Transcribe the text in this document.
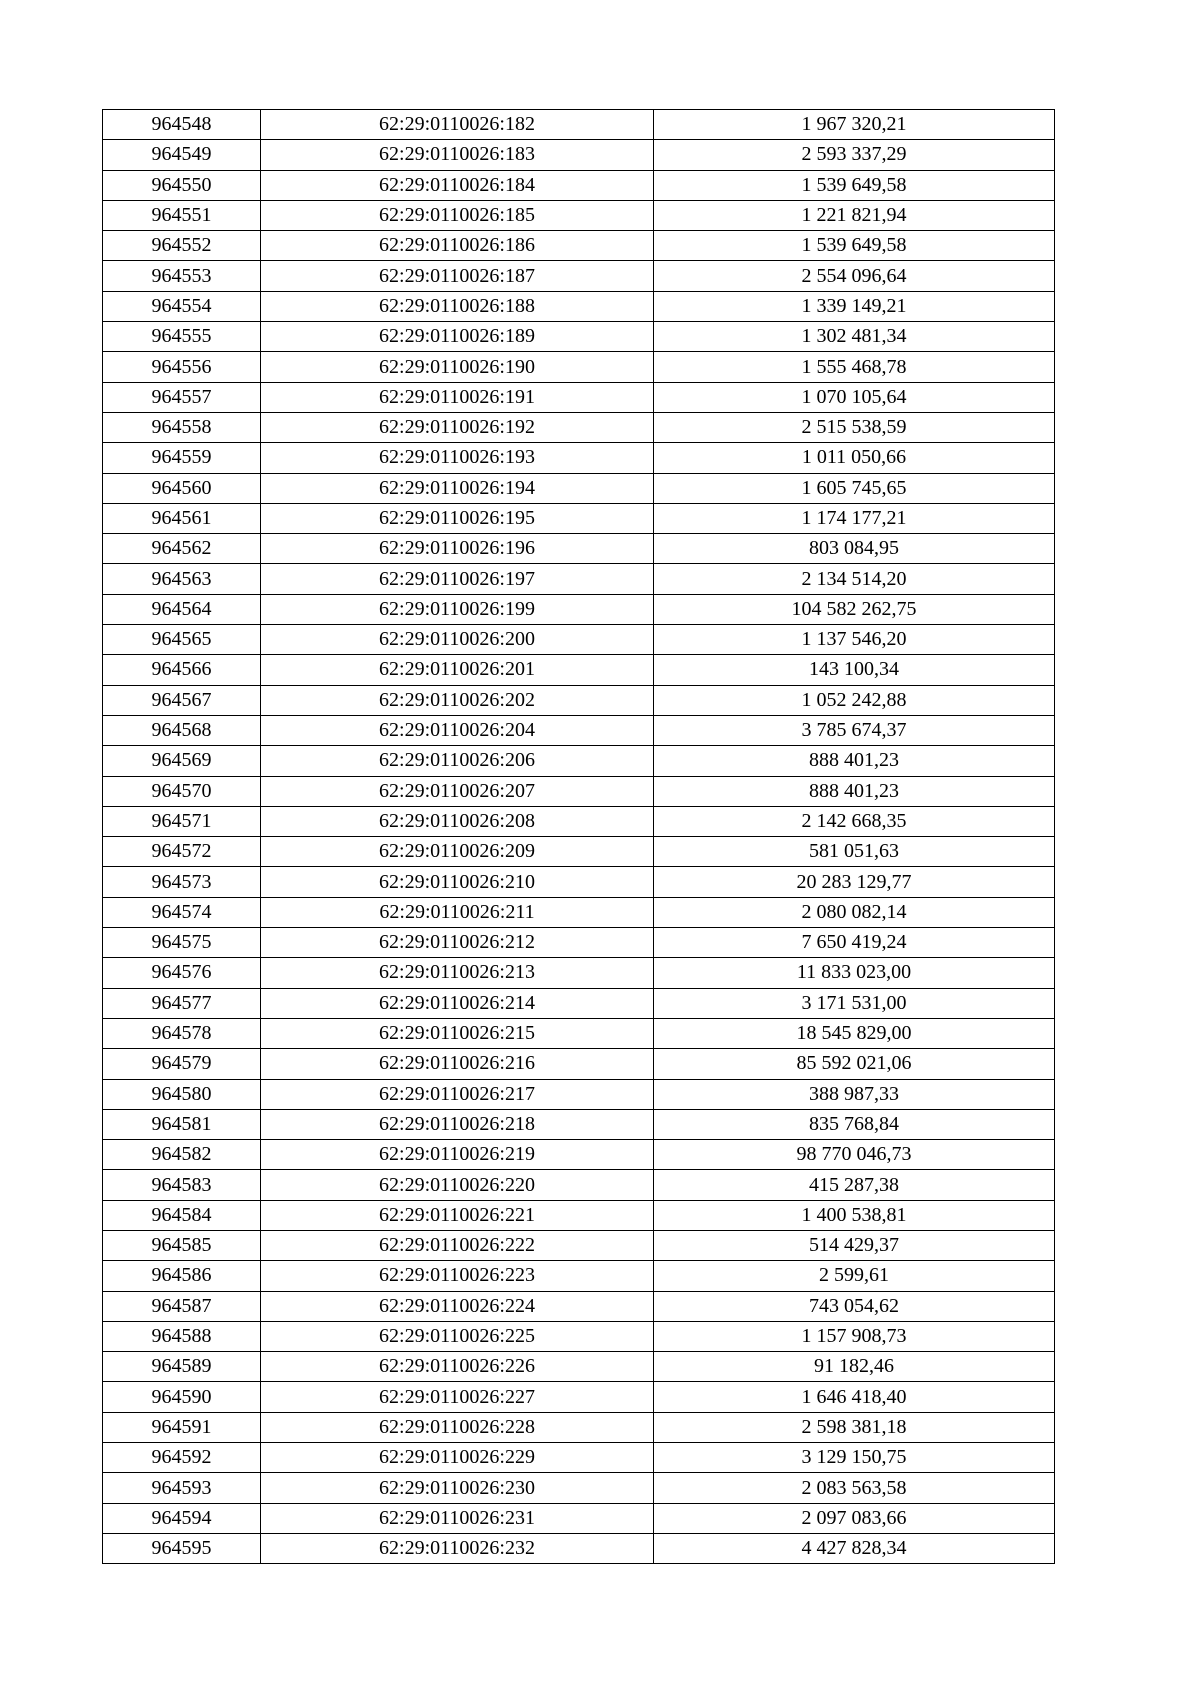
964548	62:29:0110026:182	1 967 320,21
964549	62:29:0110026:183	2 593 337,29
964550	62:29:0110026:184	1 539 649,58
964551	62:29:0110026:185	1 221 821,94
964552	62:29:0110026:186	1 539 649,58
964553	62:29:0110026:187	2 554 096,64
964554	62:29:0110026:188	1 339 149,21
964555	62:29:0110026:189	1 302 481,34
964556	62:29:0110026:190	1 555 468,78
964557	62:29:0110026:191	1 070 105,64
964558	62:29:0110026:192	2 515 538,59
964559	62:29:0110026:193	1 011 050,66
964560	62:29:0110026:194	1 605 745,65
964561	62:29:0110026:195	1 174 177,21
964562	62:29:0110026:196	803 084,95
964563	62:29:0110026:197	2 134 514,20
964564	62:29:0110026:199	104 582 262,75
964565	62:29:0110026:200	1 137 546,20
964566	62:29:0110026:201	143 100,34
964567	62:29:0110026:202	1 052 242,88
964568	62:29:0110026:204	3 785 674,37
964569	62:29:0110026:206	888 401,23
964570	62:29:0110026:207	888 401,23
964571	62:29:0110026:208	2 142 668,35
964572	62:29:0110026:209	581 051,63
964573	62:29:0110026:210	20 283 129,77
964574	62:29:0110026:211	2 080 082,14
964575	62:29:0110026:212	7 650 419,24
964576	62:29:0110026:213	11 833 023,00
964577	62:29:0110026:214	3 171 531,00
964578	62:29:0110026:215	18 545 829,00
964579	62:29:0110026:216	85 592 021,06
964580	62:29:0110026:217	388 987,33
964581	62:29:0110026:218	835 768,84
964582	62:29:0110026:219	98 770 046,73
964583	62:29:0110026:220	415 287,38
964584	62:29:0110026:221	1 400 538,81
964585	62:29:0110026:222	514 429,37
964586	62:29:0110026:223	2 599,61
964587	62:29:0110026:224	743 054,62
964588	62:29:0110026:225	1 157 908,73
964589	62:29:0110026:226	91 182,46
964590	62:29:0110026:227	1 646 418,40
964591	62:29:0110026:228	2 598 381,18
964592	62:29:0110026:229	3 129 150,75
964593	62:29:0110026:230	2 083 563,58
964594	62:29:0110026:231	2 097 083,66
964595	62:29:0110026:232	4 427 828,34
